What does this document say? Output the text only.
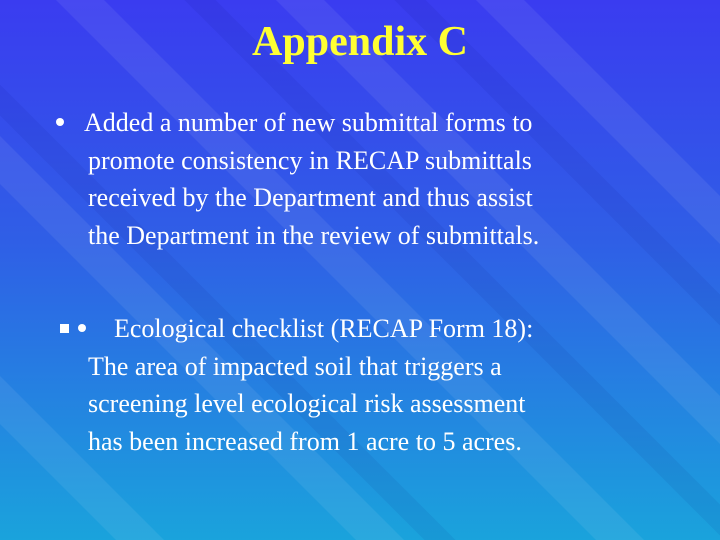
Appendix C
Added a number of new submittal forms to
promote consistency in RECAP submittals
received by the Department and thus assist
the Department in the review of submittals.
Ecological checklist (RECAP Form 18):
The area of impacted soil that triggers a
screening level ecological risk assessment
has been increased from 1 acre to 5 acres.
